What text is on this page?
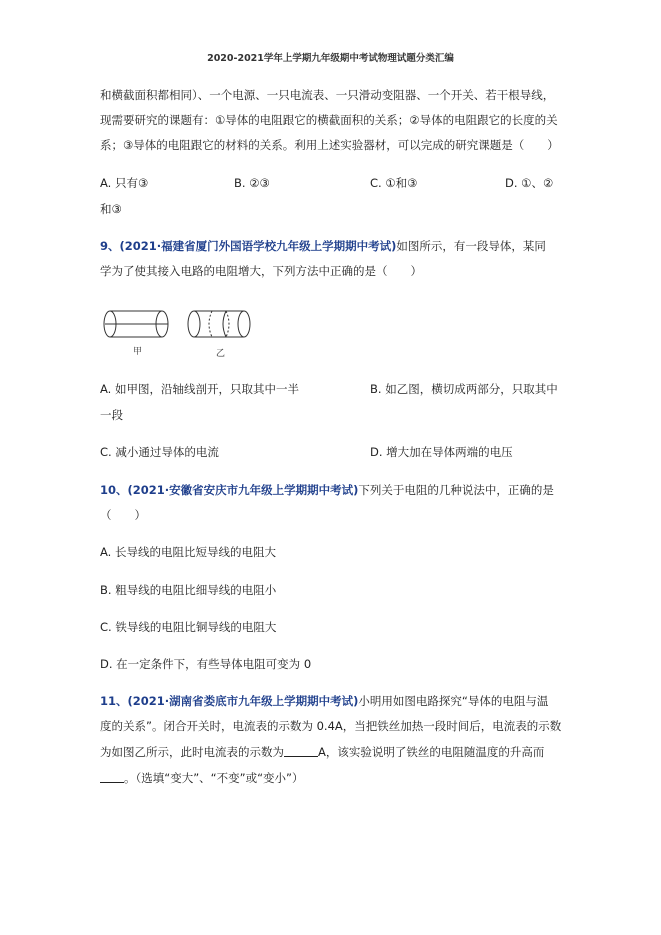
2020-2021学年上学期九年级期中考试物理试题分类汇编
和横截面积都相同）、一个电源、一只电流表、一只滑动变阻器、一个开关、若干根导线，
现需要研究的课题有：①导体的电阻跟它的横截面积的关系；②导体的电阻跟它的长度的关
系；③导体的电阻跟它的材料的关系。利用上述实验器材，可以完成的研究课题是（　　）
A. 只有③	B. ②③	C. ①和③	D. ①、②
和③
9、(2021·福建省厦门外国语学校九年级上学期期中考试)如图所示，有一段导体，某同
学为了使其接入电路的电阻增大，下列方法中正确的是（　　）
甲	乙
A. 如甲图，沿轴线剖开，只取其中一半	B. 如乙图，横切成两部分，只取其中
一段
C. 减小通过导体的电流	D. 增大加在导体两端的电压
10、(2021·安徽省安庆市九年级上学期期中考试)下列关于电阻的几种说法中，正确的是
（　　）
A. 长导线的电阻比短导线的电阻大
B. 粗导线的电阻比细导线的电阻小
C. 铁导线的电阻比铜导线的电阻大
D. 在一定条件下，有些导体电阻可变为 0
11、(2021·湖南省娄底市九年级上学期期中考试)小明用如图电路探究“导体的电阻与温
度的关系”。闭合开关时，电流表的示数为 0.4A，当把铁丝加热一段时间后，电流表的示数
为如图乙所示，此时电流表的示数为	A，该实验说明了铁丝的电阻随温度的升高而
。（选填“变大”、“不变”或“变小”）
